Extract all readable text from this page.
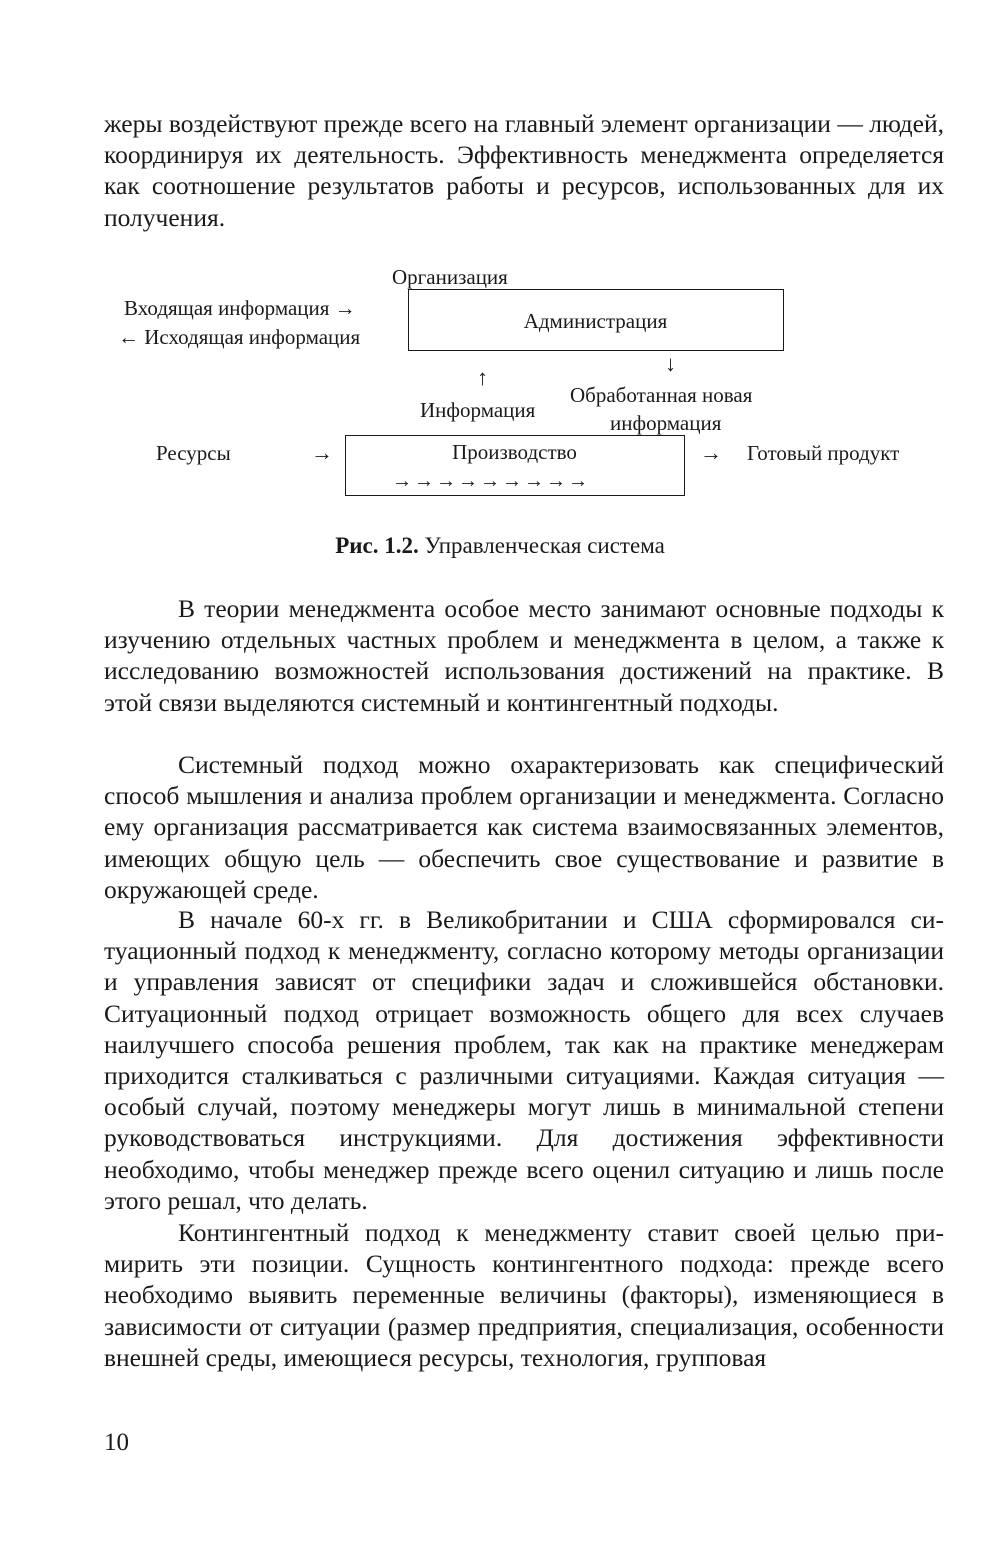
жеры воздействуют прежде всего на главный элемент организации — людей, координируя их деятельность. Эффективность менеджмента определяется как соотношение результатов работы и ресурсов, использованных для их получения.

Организация
Входящая информация →
← Исходящая информация
Администрация
↓
↑
Информация
Обработанная новая
информация
Ресурсы	→	Производство
→→→→→→→→→
→ Готовый продукт
Рис. 1.2. Управленческая система

В теории менеджмента особое место занимают основные подходы к изучению отдельных частных проблем и менеджмента в целом, а также к исследованию возможностей использования достижений на практике. В этой связи выделяются системный и контингентный подходы.

Системный подход можно охарактеризовать как специфический способ мышления и анализа проблем организации и менеджмента. Согласно ему организация рассматривается как система взаимосвязанных элементов, имеющих общую цель — обеспечить свое существование и развитие в окружающей среде.

В начале 60-х гг. в Великобритании и США сформировался ситуационный подход к менеджменту, согласно которому методы организации и управления зависят от специфики задач и сложившейся обстановки. Ситуационный подход отрицает возможность общего для всех случаев наилучшего способа решения проблем, так как на практике менеджерам приходится сталкиваться с различными ситуациями. Каждая ситуация — особый случай, поэтому менеджеры могут лишь в минимальной степени руководствоваться инструкциями. Для достижения эффективности необходимо, чтобы менеджер прежде всего оценил ситуацию и лишь после этого решал, что делать.

Контингентный подход к менеджменту ставит своей целью примирить эти позиции. Сущность контингентного подхода: прежде всего необходимо выявить переменные величины (факторы), изменяющиеся в зависимости от ситуации (размер предприятия, специализация, особенности внешней среды, имеющиеся ресурсы, технология, групповая

10
